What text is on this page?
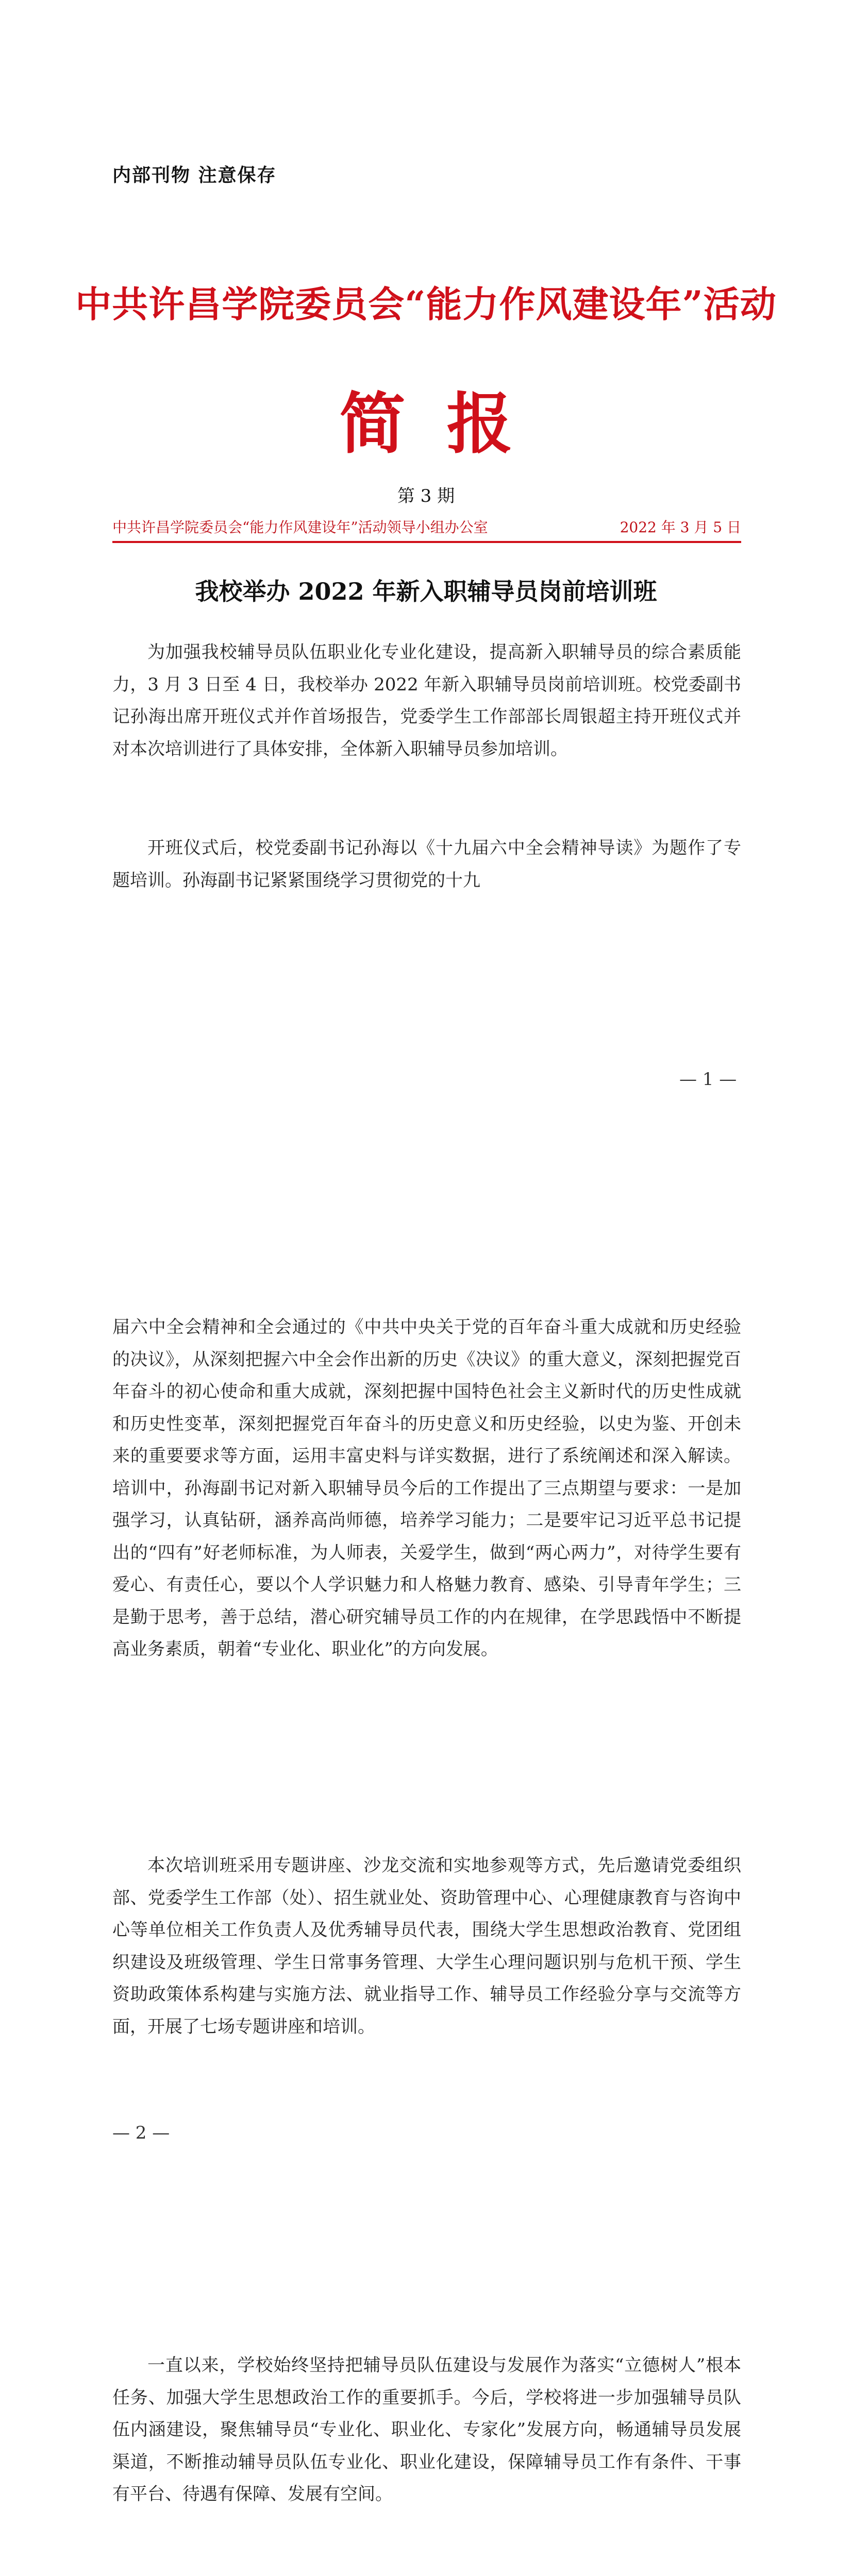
内部刊物 注意保存
中共许昌学院委员会“能力作风建设年”活动
简报
第 3 期
中共许昌学院委员会“能力作风建设年”活动领导小组办公室	2022 年 3 月 5 日
我校举办 2022 年新入职辅导员岗前培训班

为加强我校辅导员队伍职业化专业化建设，提高新入职辅导员的综合素质能力，3 月 3 日至 4 日，我校举办 2022 年新入职辅导员岗前培训班。校党委副书记孙海出席开班仪式并作首场报告，党委学生工作部部长周银超主持开班仪式并对本次培训进行了具体安排，全体新入职辅导员参加培训。

开班仪式后，校党委副书记孙海以《十九届六中全会精神导读》为题作了专题培训。孙海副书记紧紧围绕学习贯彻党的十九

— 1 —

届六中全会精神和全会通过的《中共中央关于党的百年奋斗重大成就和历史经验的决议》，从深刻把握六中全会作出新的历史《决议》的重大意义，深刻把握党百年奋斗的初心使命和重大成就，深刻把握中国特色社会主义新时代的历史性成就和历史性变革，深刻把握党百年奋斗的历史意义和历史经验，以史为鉴、开创未来的重要要求等方面，运用丰富史料与详实数据，进行了系统阐述和深入解读。培训中，孙海副书记对新入职辅导员今后的工作提出了三点期望与要求：一是加强学习，认真钻研，涵养高尚师德，培养学习能力；二是要牢记习近平总书记提出的“四有”好老师标准，为人师表，关爱学生，做到“两心两力”，对待学生要有爱心、有责任心，要以个人学识魅力和人格魅力教育、感染、引导青年学生；三是勤于思考，善于总结，潜心研究辅导员工作的内在规律，在学思践悟中不断提高业务素质，朝着“专业化、职业化”的方向发展。

本次培训班采用专题讲座、沙龙交流和实地参观等方式，先后邀请党委组织部、党委学生工作部（处）、招生就业处、资助管理中心、心理健康教育与咨询中心等单位相关工作负责人及优秀辅导员代表，围绕大学生思想政治教育、党团组织建设及班级管理、学生日常事务管理、大学生心理问题识别与危机干预、学生资助政策体系构建与实施方法、就业指导工作、辅导员工作经验分享与交流等方面，开展了七场专题讲座和培训。

— 2 —

一直以来，学校始终坚持把辅导员队伍建设与发展作为落实“立德树人”根本任务、加强大学生思想政治工作的重要抓手。今后，学校将进一步加强辅导员队伍内涵建设，聚焦辅导员“专业化、职业化、专家化”发展方向，畅通辅导员发展渠道，不断推动辅导员队伍专业化、职业化建设，保障辅导员工作有条件、干事有平台、待遇有保障、发展有空间。
